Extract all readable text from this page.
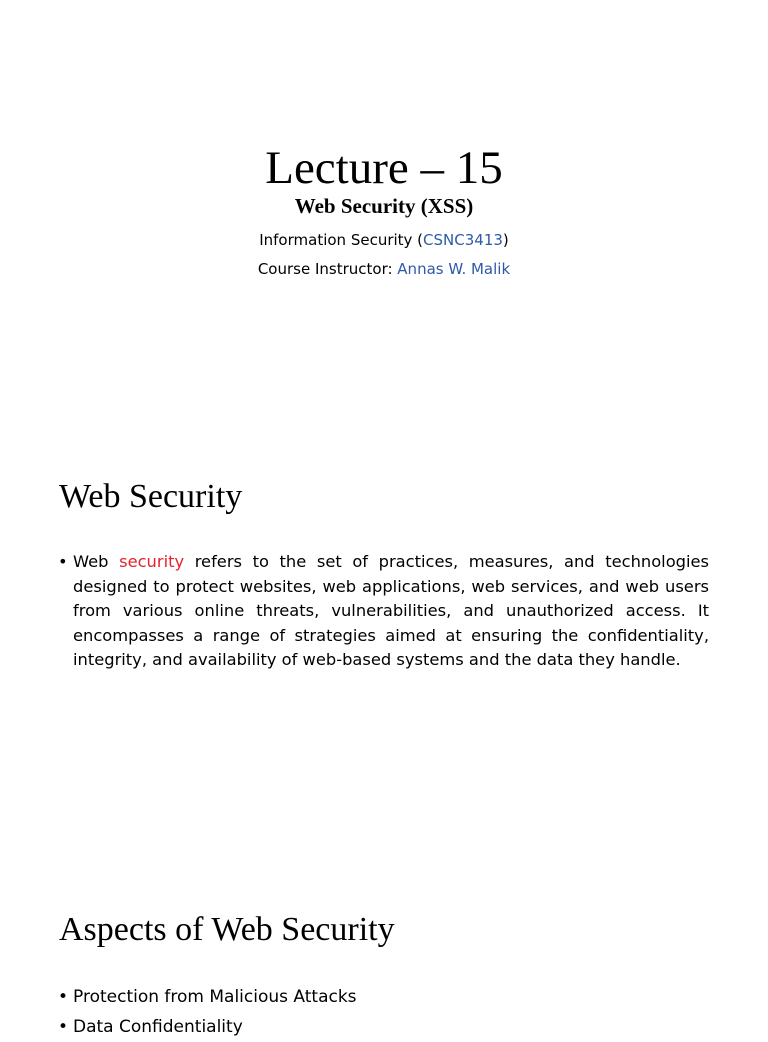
Lecture – 15
Web Security (XSS)
Information Security (CSNC3413)
Course Instructor: Annas W. Malik
Web Security
• Web security refers to the set of practices, measures, and technologies designed to protect websites, web applications, web services, and web users from various online threats, vulnerabilities, and unauthorized access. It encompasses a range of strategies aimed at ensuring the confidentiality, integrity, and availability of web-based systems and the data they handle.
Aspects of Web Security
• Protection from Malicious Attacks
• Data Confidentiality
